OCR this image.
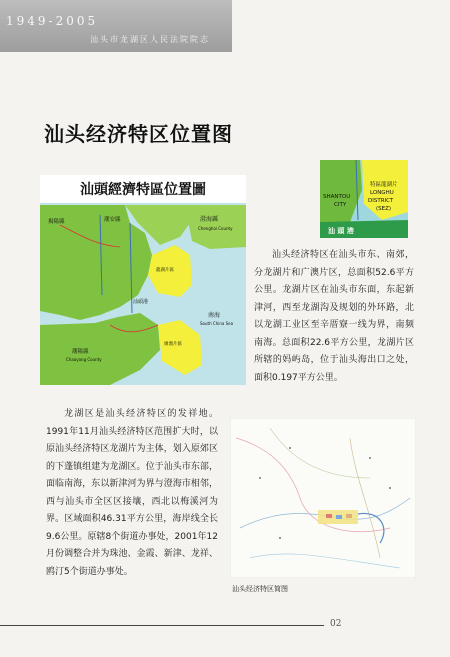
1949-2005
汕头市龙湖区人民法院院志
汕头经济特区位置图
汕頭經濟特區位置圖
揭陽縣	潮安縣	澄海縣
Chenghai County
汕頭港
龍湖片區
廣澳片區
南海
South China Sea
潮陽縣
Chaoyang County
SHANTOU
CITY
特區龍湖片
LONGHU
DISTRICT
(SEZ)
汕 頭 港
汕头经济特区在汕头市东、南郊，分龙湖片和广澳片区，总面积52.6平方公里。龙湖片区在汕头市东面，东起新津河，西至龙湖沟及规划的外环路，北以龙湖工业区至辛厝寮一线为界，南频南海。总面积22.6平方公里，龙湖片区所辖的妈屿岛，位于汕头海出口之处，面积0.197平方公里。
龙湖区是汕头经济特区的发祥地。1991年11月汕头经济特区范围扩大时，以原汕头经济特区龙湖片为主体，划入原郊区的下蓬镇组建为龙湖区。位于汕头市东部，面临南海，东以新津河为界与澄海市相邻，西与汕头市全区区接壤，西北以梅溪河为界。区域面积46.31平方公里，海岸线全长9.6公里。原辖8个街道办事处，2001年12月份调整合并为珠池、金霞、新津、龙祥、鸥汀5个街道办事处。
汕头经济特区简图
02
